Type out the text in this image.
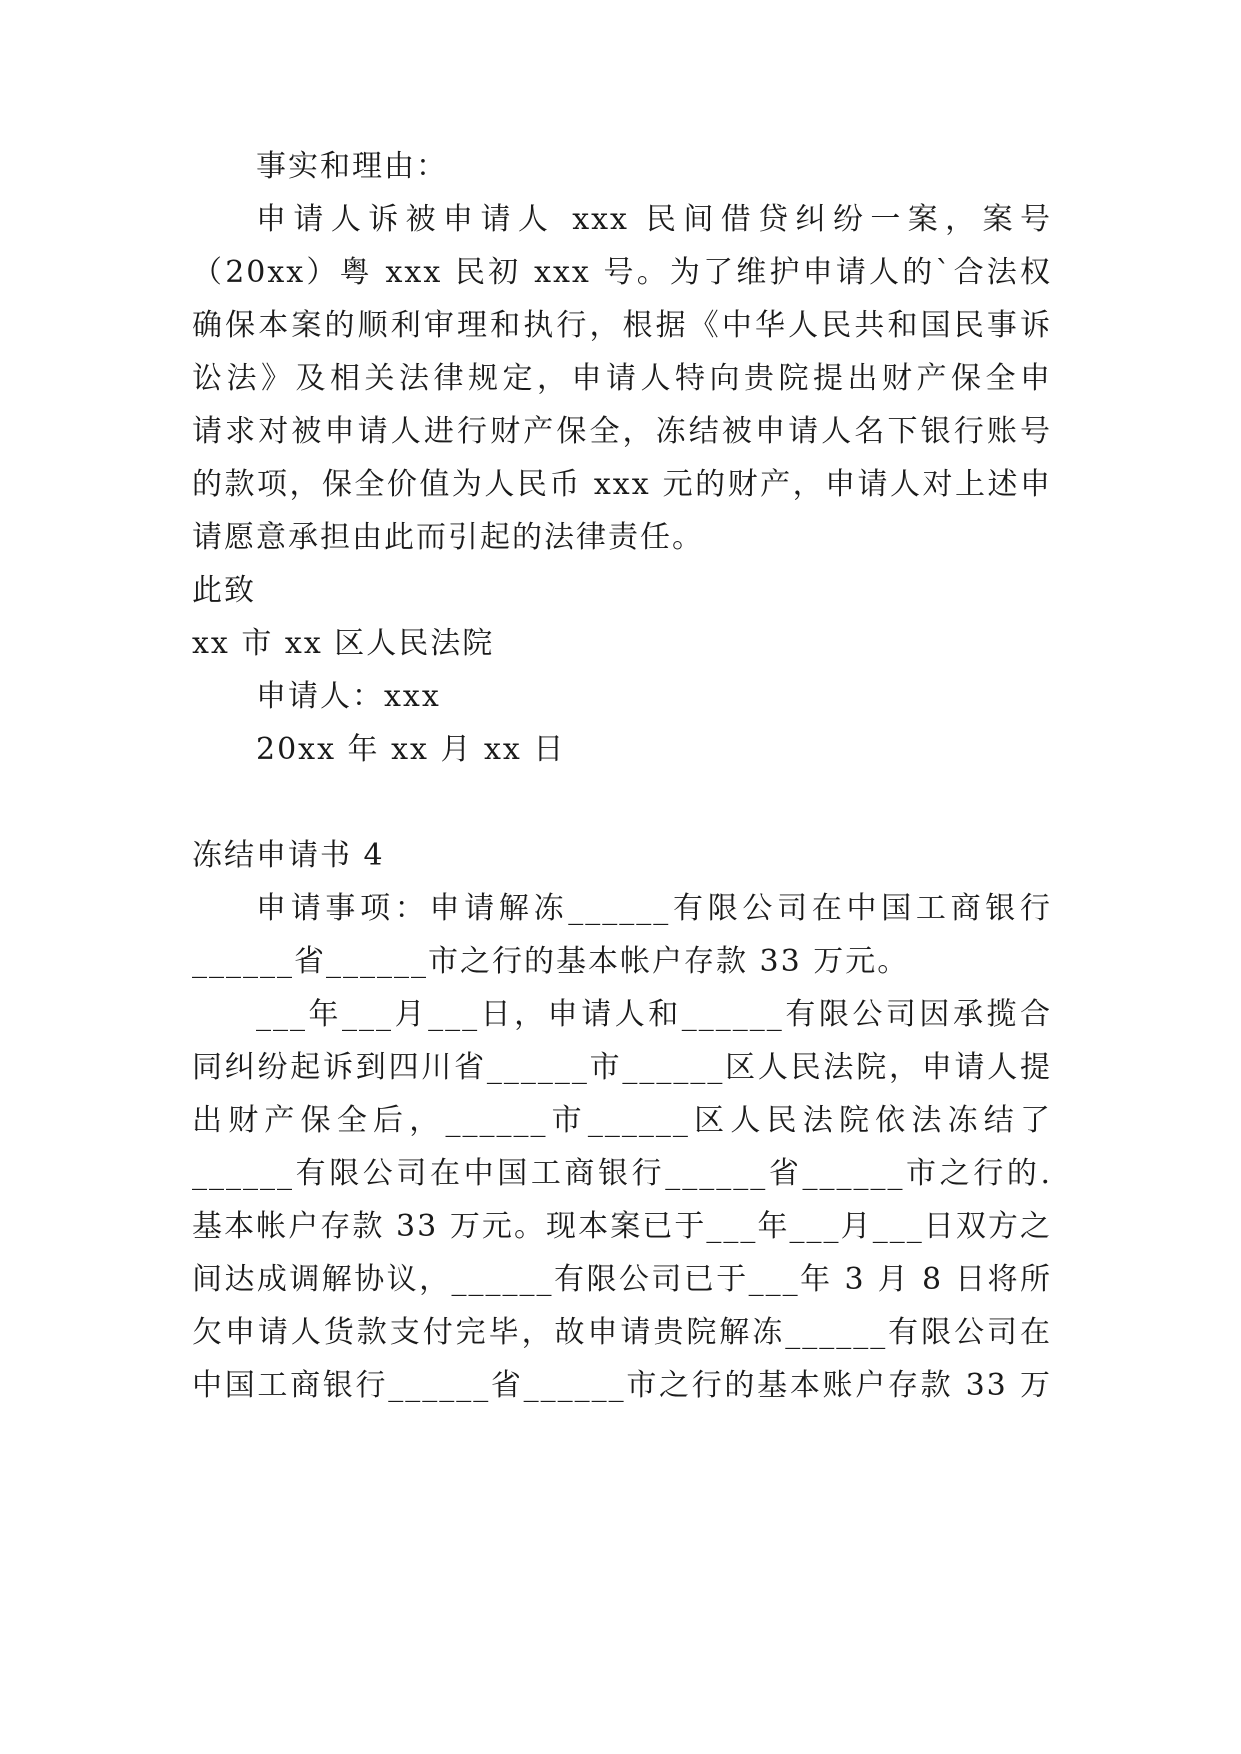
事实和理由：
申请人诉被申请人 xxx 民间借贷纠纷一案，案号
（20xx）粤 xxx 民初 xxx 号。为了维护申请人的`合法权
确保本案的顺利审理和执行，根据《中华人民共和国民事诉
讼法》及相关法律规定，申请人特向贵院提出财产保全申
请求对被申请人进行财产保全，冻结被申请人名下银行账号
的款项，保全价值为人民币 xxx 元的财产，申请人对上述申
请愿意承担由此而引起的法律责任。
此致
xx 市 xx 区人民法院
申请人：xxx
20xx 年 xx 月 xx 日
冻结申请书 4
申请事项：申请解冻______有限公司在中国工商银行
______省______市之行的基本帐户存款 33 万元。
___年___月___日，申请人和______有限公司因承揽合
同纠纷起诉到四川省______市______区人民法院，申请人提
出财产保全后，______市______区人民法院依法冻结了
______有限公司在中国工商银行______省______市之行的.
基本帐户存款 33 万元。现本案已于___年___月___日双方之
间达成调解协议，______有限公司已于___年 3 月 8 日将所
欠申请人货款支付完毕，故申请贵院解冻______有限公司在
中国工商银行______省______市之行的基本账户存款 33 万
